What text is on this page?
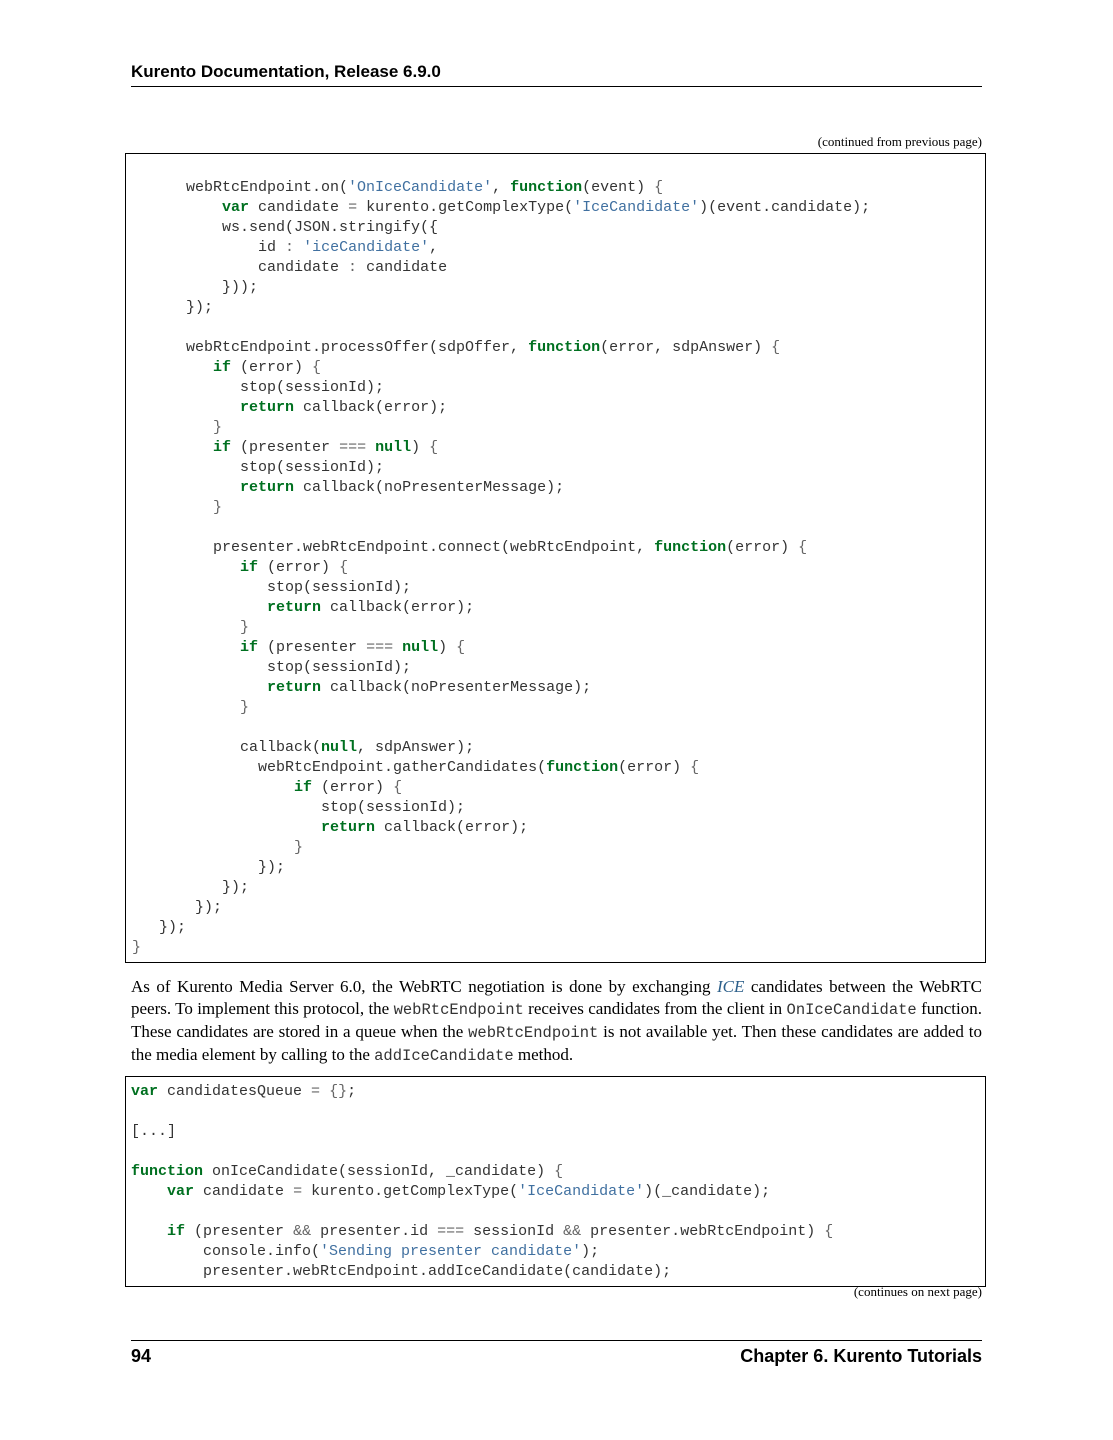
Kurento Documentation, Release 6.9.0
(continued from previous page)

webRtcEndpoint.on('OnIceCandidate', function(event) {
var candidate = kurento.getComplexType('IceCandidate')(event.candidate);
ws.send(JSON.stringify({
id : 'iceCandidate',
candidate : candidate
}));
});

webRtcEndpoint.processOffer(sdpOffer, function(error, sdpAnswer) {
if (error) {
stop(sessionId);
return callback(error);
}
if (presenter === null) {
stop(sessionId);
return callback(noPresenterMessage);
}

presenter.webRtcEndpoint.connect(webRtcEndpoint, function(error) {
if (error) {
stop(sessionId);
return callback(error);
}
if (presenter === null) {
stop(sessionId);
return callback(noPresenterMessage);
}

callback(null, sdpAnswer);
webRtcEndpoint.gatherCandidates(function(error) {
if (error) {
stop(sessionId);
return callback(error);
}
});
});
});
});
}
As of Kurento Media Server 6.0, the WebRTC negotiation is done by exchanging ICE candidates between the WebRTC peers. To implement this protocol, the webRtcEndpoint receives candidates from the client in OnIceCandidate function. These candidates are stored in a queue when the webRtcEndpoint is not available yet. Then these candidates are added to the media element by calling to the addIceCandidate method.
var candidatesQueue = {};

[...]

function onIceCandidate(sessionId, _candidate) {
var candidate = kurento.getComplexType('IceCandidate')(_candidate);

if (presenter && presenter.id === sessionId && presenter.webRtcEndpoint) {
console.info('Sending presenter candidate');
presenter.webRtcEndpoint.addIceCandidate(candidate);
(continues on next page)
94	Chapter 6. Kurento Tutorials
